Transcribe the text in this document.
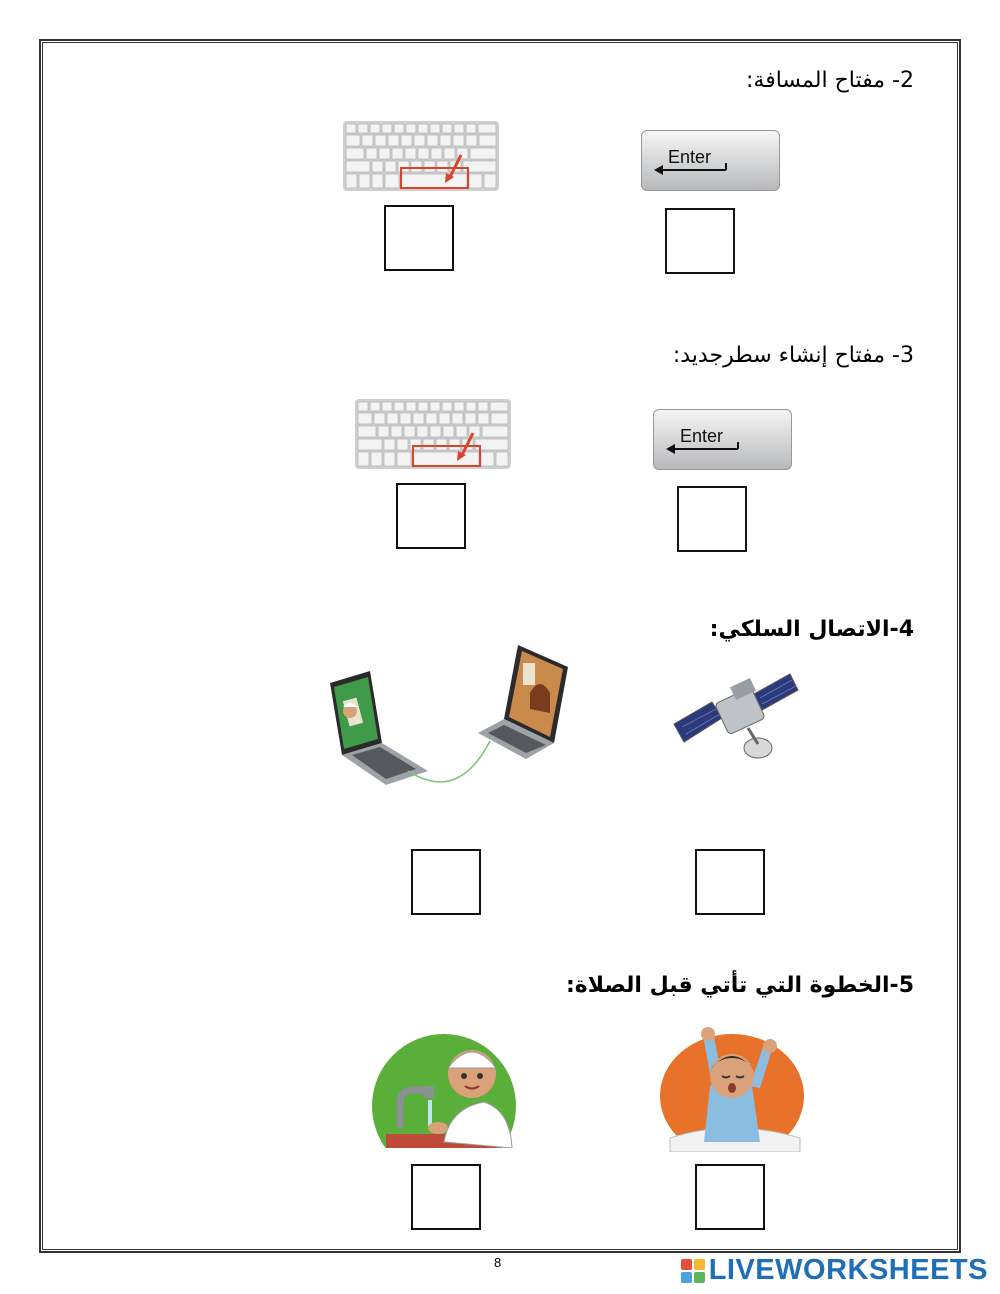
2- مفتاح المسافة:
Enter
3- مفتاح إنشاء سطرجديد:
Enter
4-الاتصال السلكي:
5-الخطوة التي تأتي قبل الصلاة:
8	LIVEWORKSHEETS
